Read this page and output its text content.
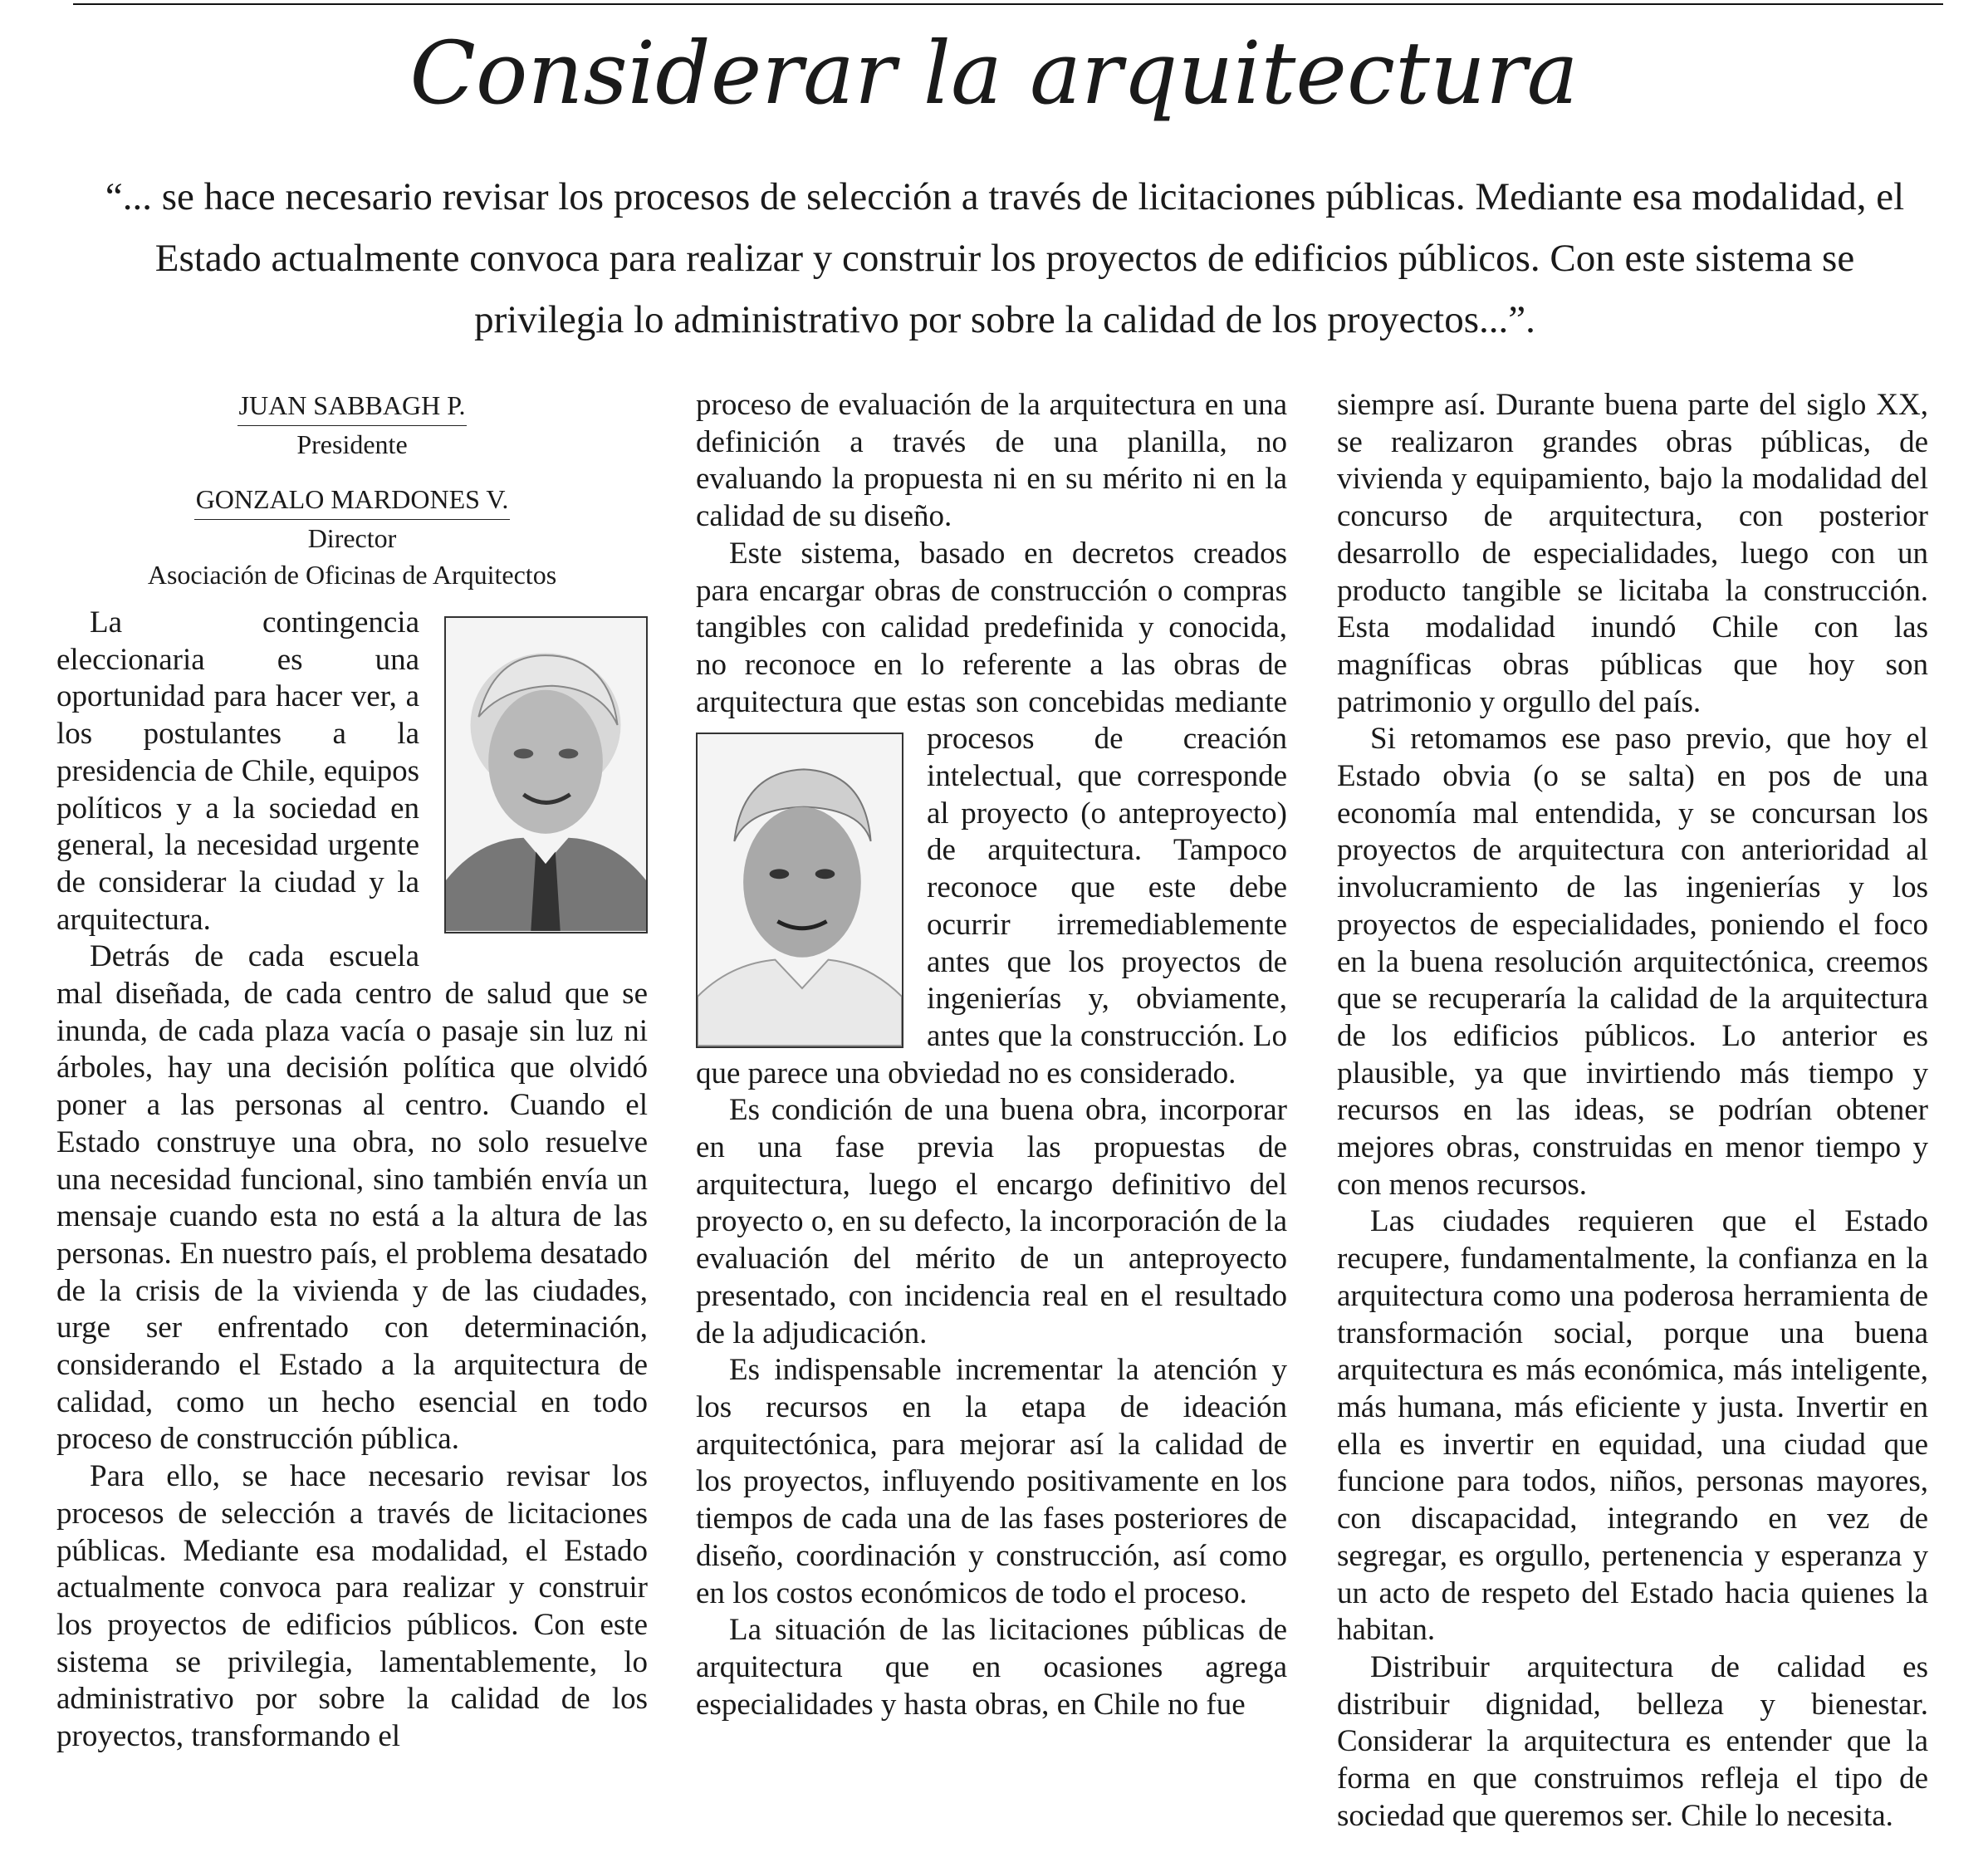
Considerar la arquitectura

“... se hace necesario revisar los procesos de selección a través de licitaciones públicas. Mediante esa modalidad, el Estado actualmente convoca para realizar y construir los proyectos de edificios públicos. Con este sistema se privilegia lo administrativo por sobre la calidad de los proyectos...”.

JUAN SABBAGH P.
Presidente
GONZALO MARDONES V.
Director
Asociación de Oficinas de Arquitectos

La contingencia eleccionaria es una oportunidad para hacer ver, a los postulantes a la presidencia de Chile, equipos políticos y a la sociedad en general, la necesidad urgente de considerar la ciudad y la arquitectura.

Detrás de cada escuela mal diseñada, de cada centro de salud que se inunda, de cada plaza vacía o pasaje sin luz ni árboles, hay una decisión política que olvidó poner a las personas al centro. Cuando el Estado construye una obra, no solo resuelve una necesidad funcional, sino también envía un mensaje cuando esta no está a la altura de las personas. En nuestro país, el problema desatado de la crisis de la vivienda y de las ciudades, urge ser enfrentado con determinación, considerando el Estado a la arquitectura de calidad, como un hecho esencial en todo proceso de construcción pública.

Para ello, se hace necesario revisar los procesos de selección a través de licitaciones públicas. Mediante esa modalidad, el Estado actualmente convoca para realizar y construir los proyectos de edificios públicos. Con este sistema se privilegia, lamentablemente, lo administrativo por sobre la calidad de los proyectos, transformando el

proceso de evaluación de la arquitectura en una definición a través de una planilla, no evaluando la propuesta ni en su mérito ni en la calidad de su diseño.

Este sistema, basado en decretos creados para encargar obras de construcción o compras tangibles con calidad predefinida y conocida, no reconoce en lo referente a las obras de arquitectura que estas son concebidas mediante procesos de creación
intelectual, que corresponde al proyecto (o anteproyecto) de arquitectura. Tampoco reconoce que este debe ocurrir irremediablemente antes que los proyectos de ingenierías y, obviamente, antes que la construcción. Lo que parece una obviedad no es considerado.

Es condición de una buena obra, incorporar en una fase previa las propuestas de arquitectura, luego el encargo definitivo del proyecto o, en su defecto, la incorporación de la evaluación del mérito de un anteproyecto presentado, con incidencia real en el resultado de la adjudicación.

Es indispensable incrementar la atención y los recursos en la etapa de ideación arquitectónica, para mejorar así la calidad de los proyectos, influyendo positivamente en los tiempos de cada una de las fases posteriores de diseño, coordinación y construcción, así como en los costos económicos de todo el proceso.

La situación de las licitaciones públicas de arquitectura que en ocasiones agrega especialidades y hasta obras, en Chile no fue

siempre así. Durante buena parte del siglo XX, se realizaron grandes obras públicas, de vivienda y equipamiento, bajo la modalidad del concurso de arquitectura, con posterior desarrollo de especialidades, luego con un producto tangible se licitaba la construcción. Esta modalidad inundó Chile con las magníficas obras públicas que hoy son patrimonio y orgullo del país.

Si retomamos ese paso previo, que hoy el Estado obvia (o se salta) en pos de una economía mal entendida, y se concursan los proyectos de arquitectura con anterioridad al involucramiento de las ingenierías y los proyectos de especialidades, poniendo el foco en la buena resolución arquitectónica, creemos que se recuperaría la calidad de la arquitectura de los edificios públicos. Lo anterior es plausible, ya que invirtiendo más tiempo y recursos en las ideas, se podrían obtener mejores obras, construidas en menor tiempo y con menos recursos.

Las ciudades requieren que el Estado recupere, fundamentalmente, la confianza en la arquitectura como una poderosa herramienta de transformación social, porque una buena arquitectura es más económica, más inteligente, más humana, más eficiente y justa. Invertir en ella es invertir en equidad, una ciudad que funcione para todos, niños, personas mayores, con discapacidad, integrando en vez de segregar, es orgullo, pertenencia y esperanza y un acto de respeto del Estado hacia quienes la habitan.

Distribuir arquitectura de calidad es distribuir dignidad, belleza y bienestar. Considerar la arquitectura es entender que la forma en que construimos refleja el tipo de sociedad que queremos ser. Chile lo necesita.
